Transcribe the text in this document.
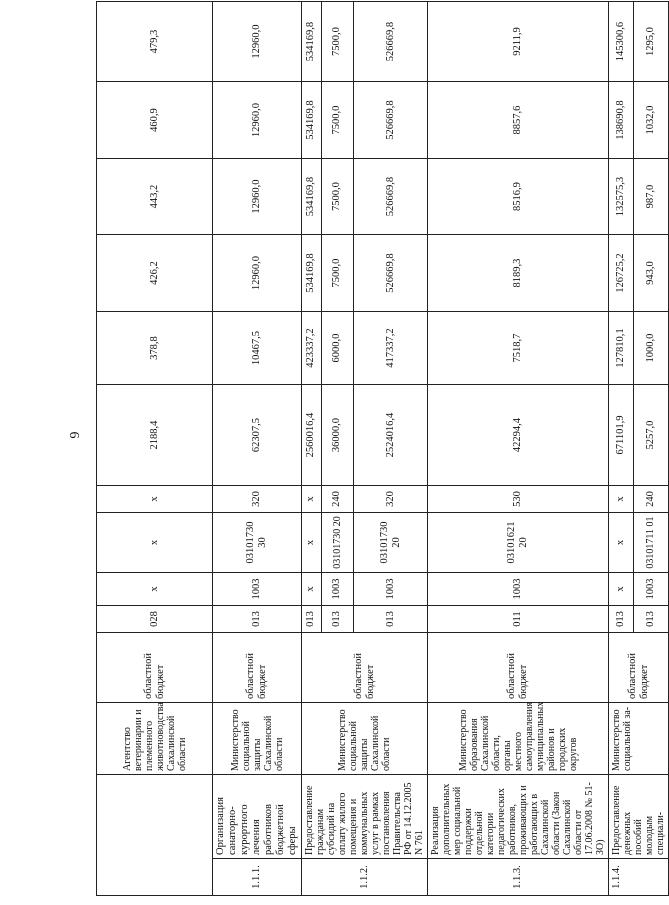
6
		Агентство ветеринарии и племенного животноводства Сахалинской области	областной бюджет	028	x	x	x	2188,4	378,8	426,2	443,2	460,9	479,3
1.1.1.	Организация санаторно-курортного лечения работников бюджетной сферы	Министерство социальной защиты Сахалинской области	областной бюджет	013	1003	03101730 30	320	62307,5	10467,5	12960,0	12960,0	12960,0	12960,0
1.1.2.	Предоставление гражданам субсидий на оплату жилого помещения и коммунальных услуг в рамках постановления Правительства РФ от 14.12.2005 N 761	Министерство социальной защиты Сахалинской области	областной бюджет	013	x	x	x	2560016,4	423337,2	534169,8	534169,8	534169,8	534169,8
				013	1003	03101730 20	240	36000,0	6000,0	7500,0	7500,0	7500,0	7500,0
				013	1003	03101730 20	320	2524016,4	417337,2	526669,8	526669,8	526669,8	526669,8
1.1.3.	Реализация дополнительных мер социальной поддержки отдельной категории педагогических работников, проживающих и работающих в Сахалинской области (Закон Сахалинской области от 17.06.2008 № 51-ЗО)	Министерство образования Сахалинской области, органы местного самоуправления муниципальных районов и городских округов	областной бюджет	011	1003	03101621 20	530	42294,4	7518,7	8189,3	8516,9	8857,6	9211,9
1.1.4.	Предоставление денежных пособий молодым специали-	Министерство социальной за-	областной бюджет	013	x	x	x	671101,9	127810,1	126725,2	132575,3	138690,8	145300,6
				013	1003	03101711 01	240	5257,0	1000,0	943,0	987,0	1032,0	1295,0
